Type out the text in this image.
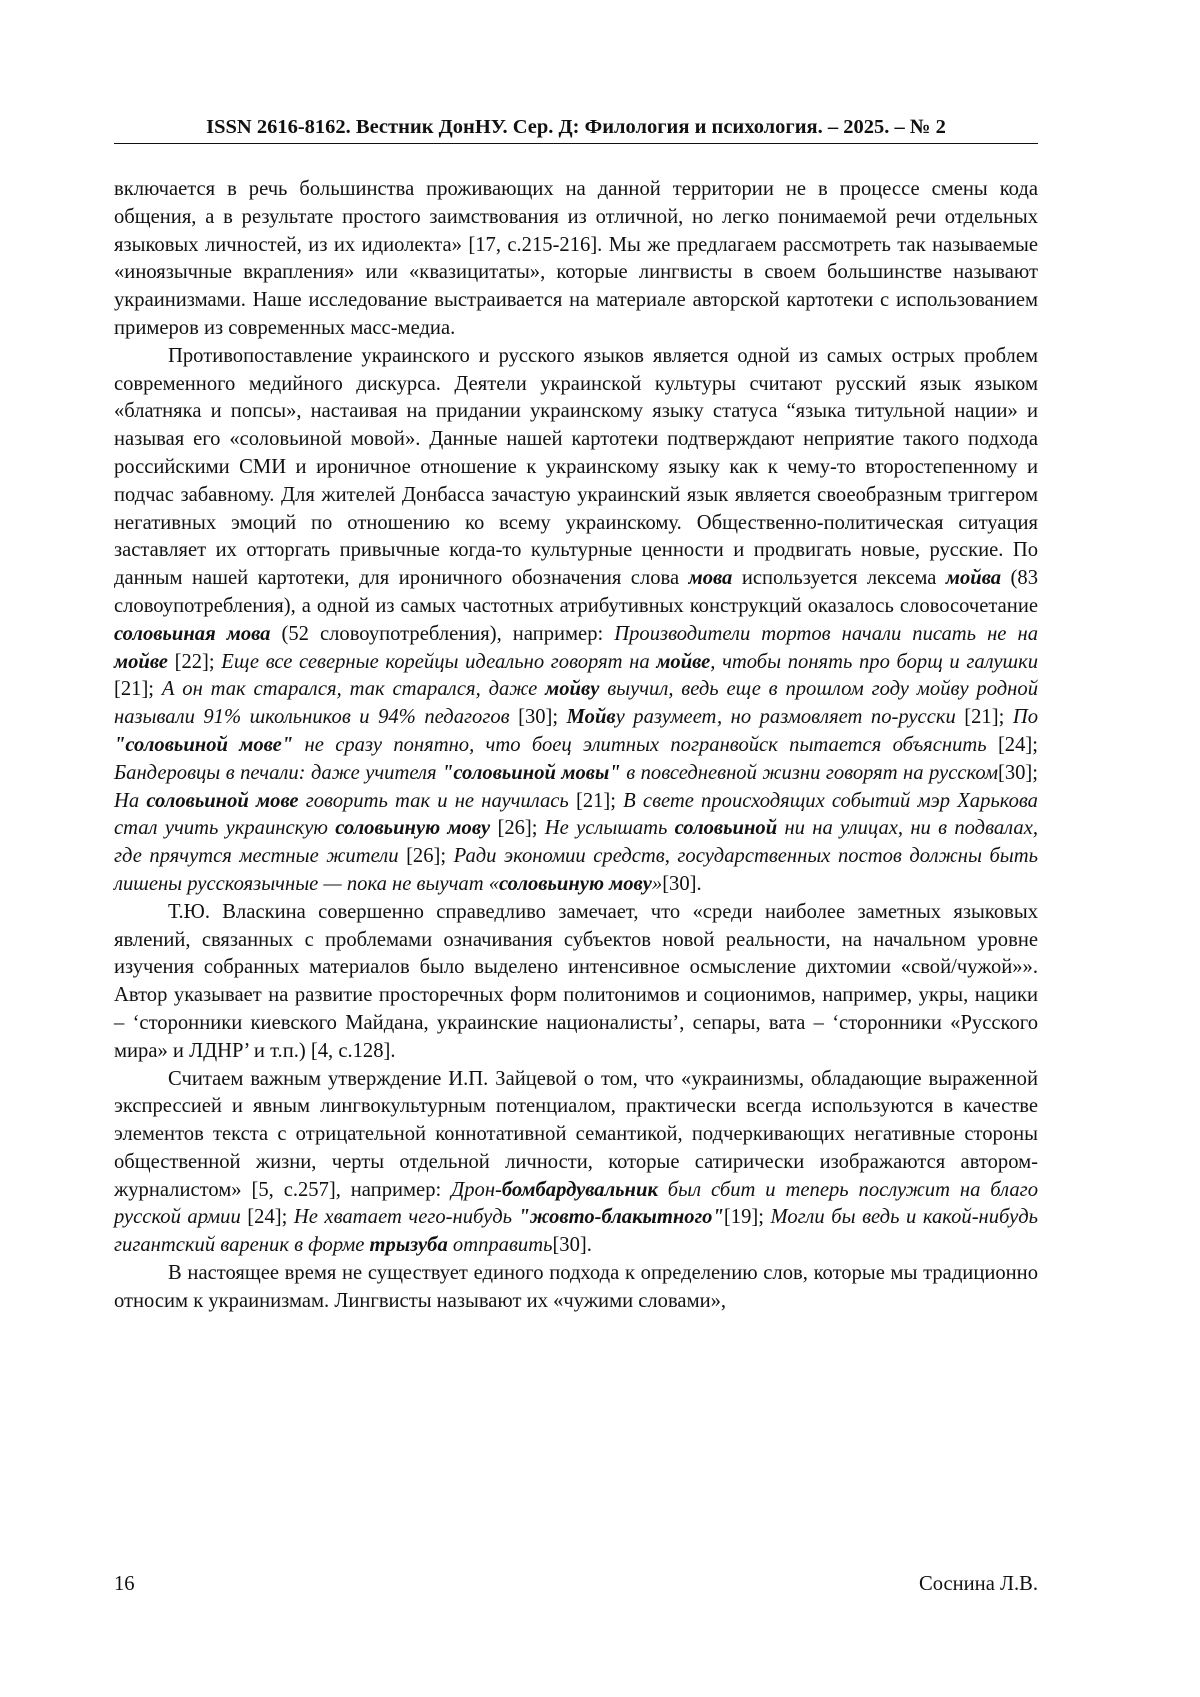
ISSN 2616-8162. Вестник ДонНУ. Сер. Д: Филология и психология. – 2025. – № 2

включается в речь большинства проживающих на данной территории не в процессе смены кода общения, а в результате простого заимствования из отличной, но легко понимаемой речи отдельных языковых личностей, из их идиолекта» [17, с.215-216]. Мы же предлагаем рассмотреть так называемые «иноязычные вкрапления» или «квазицитаты», которые лингвисты в своем большинстве называют украинизмами. Наше исследование выстраивается на материале авторской картотеки с использованием примеров из современных масс-медиа.

Противопоставление украинского и русского языков является одной из самых острых проблем современного медийного дискурса. Деятели украинской культуры считают русский язык языком «блатняка и попсы», настаивая на придании украинскому языку статуса “языка титульной нации» и называя его «соловьиной мовой». Данные нашей картотеки подтверждают неприятие такого подхода российскими СМИ и ироничное отношение к украинскому языку как к чему-то второстепенному и подчас забавному. Для жителей Донбасса зачастую украинский язык является своеобразным триггером негативных эмоций по отношению ко всему украинскому. Общественно-политическая ситуация заставляет их отторгать привычные когда-то культурные ценности и продвигать новые, русские. По данным нашей картотеки, для ироничного обозначения слова мова используется лексема мойва (83 словоупотребления), а одной из самых частотных атрибутивных конструкций оказалось словосочетание соловьиная мова (52 словоупотребления), например: Производители тортов начали писать не на мойве [22]; Еще все северные корейцы идеально говорят на мойве, чтобы понять про борщ и галушки [21]; А он так старался, так старался, даже мойву выучил, ведь еще в прошлом году мойву родной называли 91% школьников и 94% педагогов [30]; Мойву разумеет, но размовляет по-русски [21]; По "соловьиной мове" не сразу понятно, что боец элитных погранвойск пытается объяснить [24]; Бандеровцы в печали: даже учителя "соловьиной мовы" в повседневной жизни говорят на русском[30]; На соловьиной мове говорить так и не научилась [21]; В свете происходящих событий мэр Харькова стал учить украинскую соловьиную мову [26]; Не услышать соловьиной ни на улицах, ни в подвалах, где прячутся местные жители [26]; Ради экономии средств, государственных постов должны быть лишены русскоязычные — пока не выучат «соловьиную мову»[30].

Т.Ю. Власкина совершенно справедливо замечает, что «среди наиболее заметных языковых явлений, связанных с проблемами означивания субъектов новой реальности, на начальном уровне изучения собранных материалов было выделено интенсивное осмысление дихтомии «свой/чужой»». Автор указывает на развитие просторечных форм политонимов и соционимов, например, укры, нацики – ‘сторонники киевского Майдана, украинские националисты’, сепары, вата – ‘сторонники «Русского мира» и ЛДНР’ и т.п.) [4, с.128].

Считаем важным утверждение И.П. Зайцевой о том, что «украинизмы, обладающие выраженной экспрессией и явным лингвокультурным потенциалом, практически всегда используются в качестве элементов текста с отрицательной коннотативной семантикой, подчеркивающих негативные стороны общественной жизни, черты отдельной личности, которые сатирически изображаются автором-журналистом» [5, с.257], например: Дрон-бомбардувальник был сбит и теперь послужит на благо русской армии [24]; Не хватает чего-нибудь "жовто-блакытного"[19]; Могли бы ведь и какой-нибудь гигантский вареник в форме трызуба отправить[30].

В настоящее время не существует единого подхода к определению слов, которые мы традиционно относим к украинизмам. Лингвисты называют их «чужими словами»,

16	Соснина Л.В.
